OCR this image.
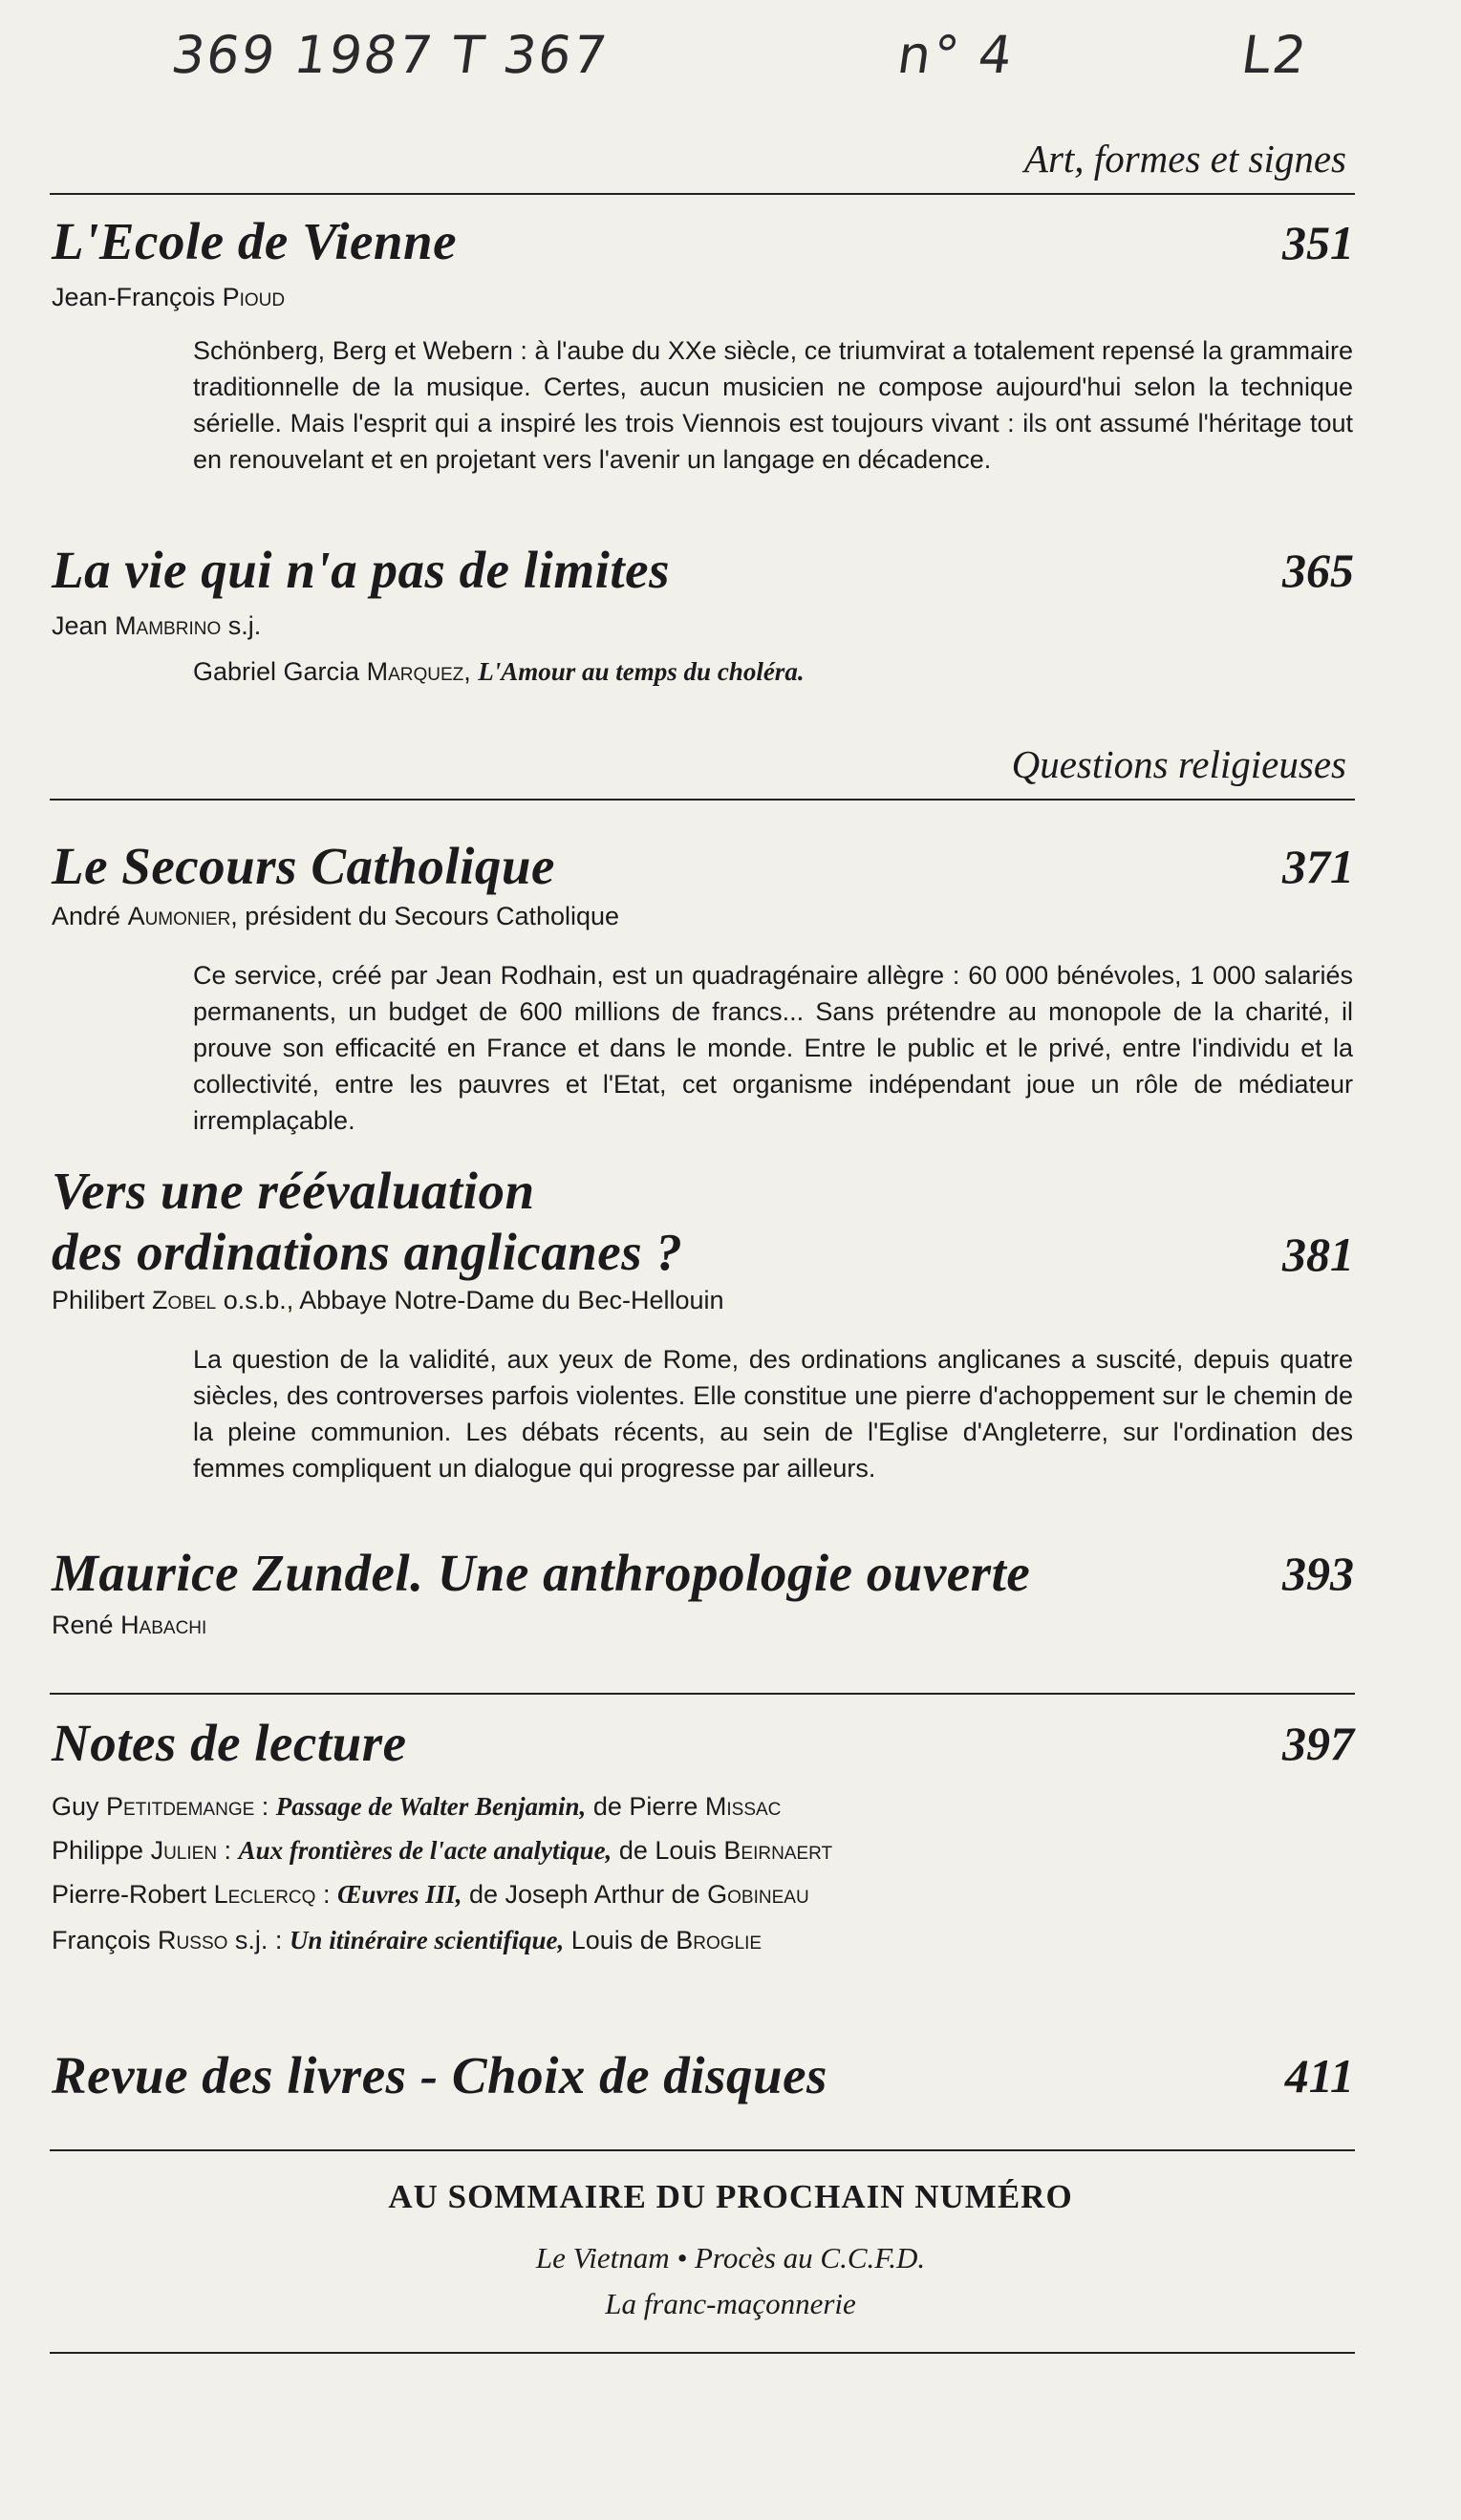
369 1987 T 367	n° 4	L2
Art, formes et signes
L'Ecole de Vienne	351
Jean-François Pioud
Schönberg, Berg et Webern : à l'aube du XXe siècle, ce triumvirat a totalement repensé la grammaire traditionnelle de la musique. Certes, aucun musicien ne compose aujourd'hui selon la technique sérielle. Mais l'esprit qui a inspiré les trois Viennois est toujours vivant : ils ont assumé l'héritage tout en renouvelant et en projetant vers l'avenir un langage en décadence.
La vie qui n'a pas de limites	365
Jean Mambrino s.j.
Gabriel Garcia Marquez, L'Amour au temps du choléra.
Questions religieuses
Le Secours Catholique	371
André Aumonier, président du Secours Catholique
Ce service, créé par Jean Rodhain, est un quadragénaire allègre : 60 000 bénévoles, 1 000 salariés permanents, un budget de 600 millions de francs... Sans prétendre au monopole de la charité, il prouve son efficacité en France et dans le monde. Entre le public et le privé, entre l'individu et la collectivité, entre les pauvres et l'Etat, cet organisme indépendant joue un rôle de médiateur irremplaçable.
Vers une réévaluation
des ordinations anglicanes ?	381
Philibert Zobel o.s.b., Abbaye Notre-Dame du Bec-Hellouin
La question de la validité, aux yeux de Rome, des ordinations anglicanes a suscité, depuis quatre siècles, des controverses parfois violentes. Elle constitue une pierre d'achoppement sur le chemin de la pleine communion. Les débats récents, au sein de l'Eglise d'Angleterre, sur l'ordination des femmes compliquent un dialogue qui progresse par ailleurs.
Maurice Zundel. Une anthropologie ouverte	393
René Habachi
Notes de lecture	397
Guy Petitdemange : Passage de Walter Benjamin, de Pierre Missac
Philippe Julien : Aux frontières de l'acte analytique, de Louis Beirnaert
Pierre-Robert Leclercq : Œuvres III, de Joseph Arthur de Gobineau
François Russo s.j. : Un itinéraire scientifique, Louis de Broglie
Revue des livres - Choix de disques	411
AU SOMMAIRE DU PROCHAIN NUMÉRO
Le Vietnam • Procès au C.C.F.D.
La franc-maçonnerie
